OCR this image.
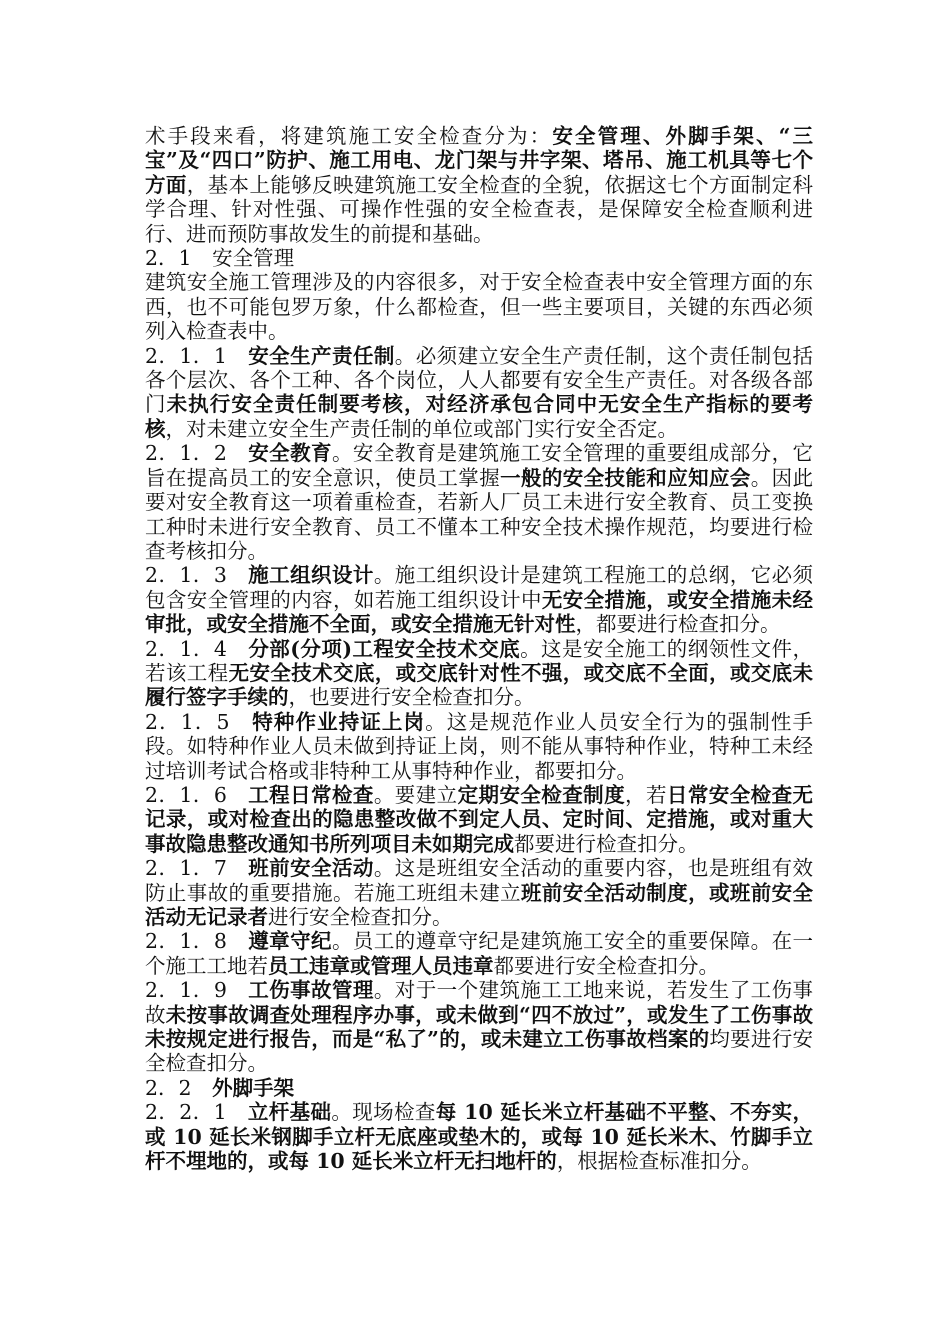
术手段来看，将建筑施工安全检查分为：安全管理、外脚手架、“三宝”及“四口”防护、施工用电、龙门架与井字架、塔吊、施工机具等七个方面，基本上能够反映建筑施工安全检查的全貌，依据这七个方面制定科学合理、针对性强、可操作性强的安全检查表，是保障安全检查顺利进行、进而预防事故发生的前提和基础。

2．1　安全管理

建筑安全施工管理涉及的内容很多，对于安全检查表中安全管理方面的东西，也不可能包罗万象，什么都检查，但一些主要项目，关键的东西必须列入检查表中。

2．1．1　安全生产责任制。必须建立安全生产责任制，这个责任制包括各个层次、各个工种、各个岗位，人人都要有安全生产责任。对各级各部门未执行安全责任制要考核，对经济承包合同中无安全生产指标的要考核，对未建立安全生产责任制的单位或部门实行安全否定。

2．1．2　安全教育。安全教育是建筑施工安全管理的重要组成部分，它旨在提高员工的安全意识，使员工掌握一般的安全技能和应知应会。因此要对安全教育这一项着重检查，若新人厂员工未进行安全教育、员工变换工种时未进行安全教育、员工不懂本工种安全技术操作规范，均要进行检查考核扣分。

2．1．3　施工组织设计。施工组织设计是建筑工程施工的总纲，它必须包含安全管理的内容，如若施工组织设计中无安全措施，或安全措施未经审批，或安全措施不全面，或安全措施无针对性，都要进行检查扣分。

2．1．4　分部(分项)工程安全技术交底。这是安全施工的纲领性文件，若该工程无安全技术交底，或交底针对性不强，或交底不全面，或交底未履行签字手续的，也要进行安全检查扣分。

2．1．5　特种作业持证上岗。这是规范作业人员安全行为的强制性手段。如特种作业人员未做到持证上岗，则不能从事特种作业，特种工未经过培训考试合格或非特种工从事特种作业，都要扣分。

2．1．6　工程日常检查。要建立定期安全检查制度，若日常安全检查无记录，或对检查出的隐患整改做不到定人员、定时间、定措施，或对重大事故隐患整改通知书所列项目未如期完成都要进行检查扣分。

2．1．7　班前安全活动。这是班组安全活动的重要内容，也是班组有效防止事故的重要措施。若施工班组未建立班前安全活动制度，或班前安全活动无记录者进行安全检查扣分。

2．1．8　遵章守纪。员工的遵章守纪是建筑施工安全的重要保障。在一个施工工地若员工违章或管理人员违章都要进行安全检查扣分。

2．1．9　工伤事故管理。对于一个建筑施工工地来说，若发生了工伤事故未按事故调查处理程序办事，或未做到“四不放过”，或发生了工伤事故未按规定进行报告，而是“私了”的，或未建立工伤事故档案的均要进行安全检查扣分。

2．2　外脚手架

2．2．1　立杆基础。现场检查每 10 延长米立杆基础不平整、不夯实，或 10 延长米钢脚手立杆无底座或垫木的，或每 10 延长米木、竹脚手立杆不埋地的，或每 10 延长米立杆无扫地杆的，根据检查标准扣分。
